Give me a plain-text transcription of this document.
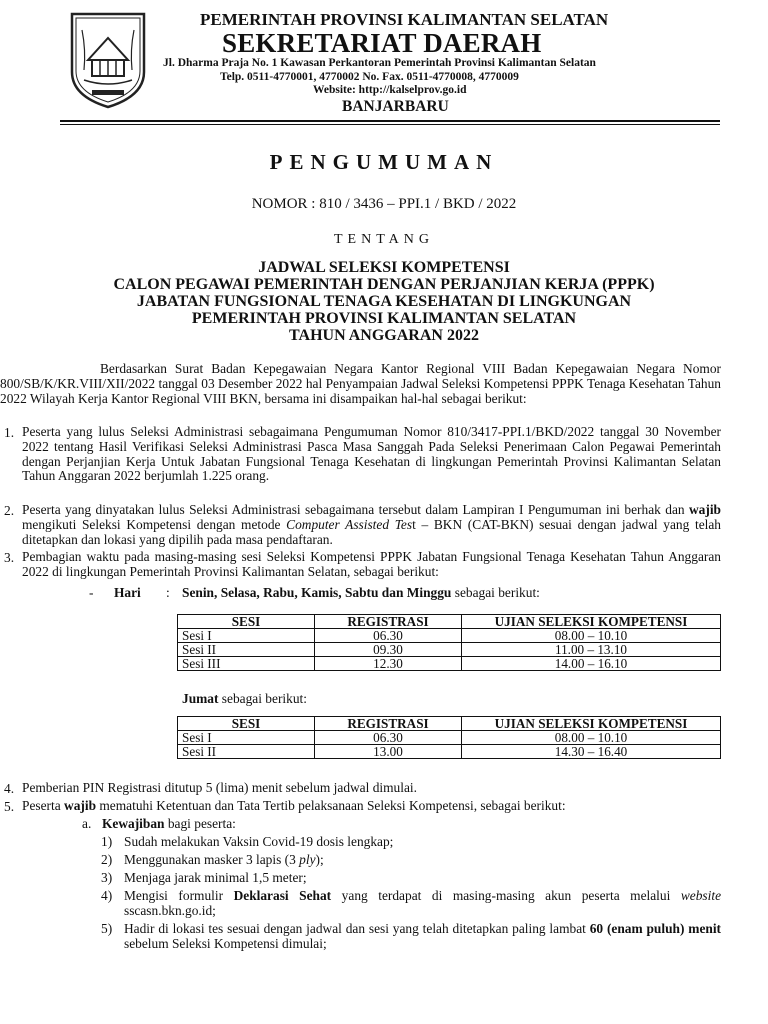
PEMERINTAH PROVINSI KALIMANTAN SELATAN
SEKRETARIAT DAERAH
Jl. Dharma Praja No. 1 Kawasan Perkantoran Pemerintah Provinsi Kalimantan Selatan
Telp. 0511-4770001, 4770002 No. Fax. 0511-4770008, 4770009
Website: http://kalselprov.go.id
BANJARBARU
PENGUMUMAN
NOMOR : 810 / 3436 – PPI.1 / BKD / 2022
TENTANG
JADWAL SELEKSI KOMPETENSI
CALON PEGAWAI PEMERINTAH DENGAN PERJANJIAN KERJA (PPPK)
JABATAN FUNGSIONAL TENAGA KESEHATAN DI LINGKUNGAN
PEMERINTAH PROVINSI KALIMANTAN SELATAN
TAHUN ANGGARAN 2022
Berdasarkan Surat Badan Kepegawaian Negara Kantor Regional VIII Badan Kepegawaian Negara Nomor 800/SB/K/KR.VIII/XII/2022 tanggal 03 Desember 2022 hal Penyampaian Jadwal Seleksi Kompetensi PPPK Tenaga Kesehatan Tahun 2022 Wilayah Kerja Kantor Regional VIII BKN, bersama ini disampaikan hal-hal sebagai berikut:
1. Peserta yang lulus Seleksi Administrasi sebagaimana Pengumuman Nomor 810/3417-PPI.1/BKD/2022 tanggal 30 November 2022 tentang Hasil Verifikasi Seleksi Administrasi Pasca Masa Sanggah Pada Seleksi Penerimaan Calon Pegawai Pemerintah dengan Perjanjian Kerja Untuk Jabatan Fungsional Tenaga Kesehatan di lingkungan Pemerintah Provinsi Kalimantan Selatan Tahun Anggaran 2022 berjumlah 1.225 orang.
2. Peserta yang dinyatakan lulus Seleksi Administrasi sebagaimana tersebut dalam Lampiran I Pengumuman ini berhak dan wajib mengikuti Seleksi Kompetensi dengan metode Computer Assisted Test – BKN (CAT-BKN) sesuai dengan jadwal yang telah ditetapkan dan lokasi yang dipilih pada masa pendaftaran.
3. Pembagian waktu pada masing-masing sesi Seleksi Kompetensi PPPK Jabatan Fungsional Tenaga Kesehatan Tahun Anggaran 2022 di lingkungan Pemerintah Provinsi Kalimantan Selatan, sebagai berikut:
- Hari : Senin, Selasa, Rabu, Kamis, Sabtu dan Minggu sebagai berikut:
SESI	REGISTRASI	UJIAN SELEKSI KOMPETENSI
Sesi I	06.30	08.00 – 10.10
Sesi II	09.30	11.00 – 13.10
Sesi III	12.30	14.00 – 16.10
Jumat sebagai berikut:
SESI	REGISTRASI	UJIAN SELEKSI KOMPETENSI
Sesi I	06.30	08.00 – 10.10
Sesi II	13.00	14.30 – 16.40
4. Pemberian PIN Registrasi ditutup 5 (lima) menit sebelum jadwal dimulai.
5. Peserta wajib mematuhi Ketentuan dan Tata Tertib pelaksanaan Seleksi Kompetensi, sebagai berikut:
a. Kewajiban bagi peserta:
1) Sudah melakukan Vaksin Covid-19 dosis lengkap;
2) Menggunakan masker 3 lapis (3 ply);
3) Menjaga jarak minimal 1,5 meter;
4) Mengisi formulir Deklarasi Sehat yang terdapat di masing-masing akun peserta melalui website sscasn.bkn.go.id;
5) Hadir di lokasi tes sesuai dengan jadwal dan sesi yang telah ditetapkan paling lambat 60 (enam puluh) menit sebelum Seleksi Kompetensi dimulai;
